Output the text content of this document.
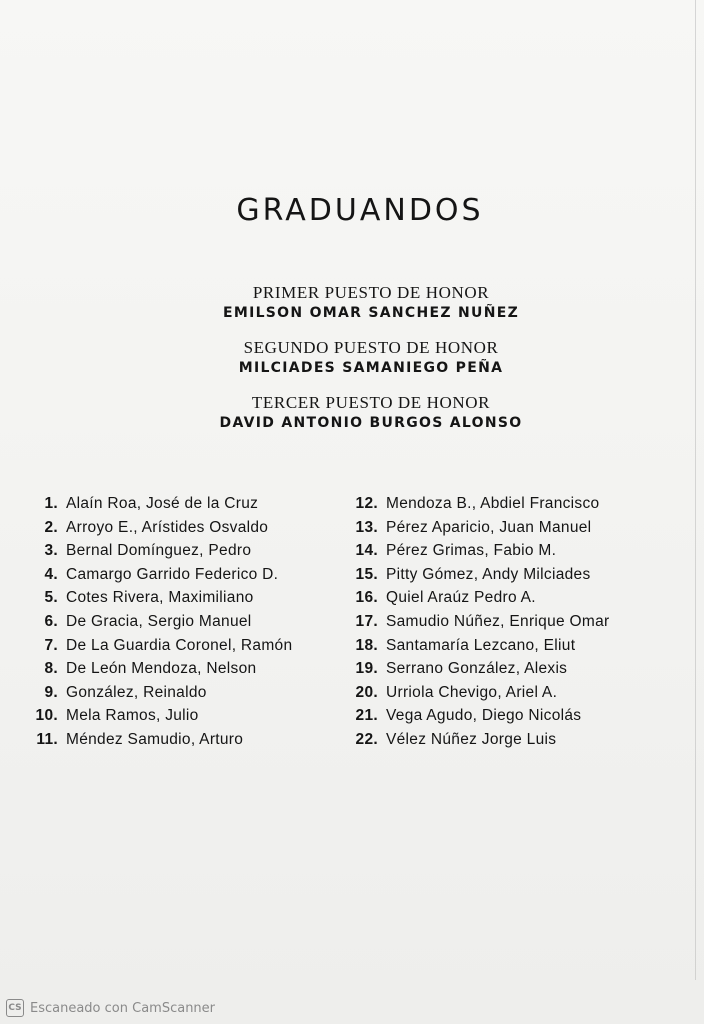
GRADUANDOS
PRIMER PUESTO DE HONOR
EMILSON OMAR SANCHEZ NUÑEZ
SEGUNDO PUESTO DE HONOR
MILCIADES SAMANIEGO PEÑA
TERCER PUESTO DE HONOR
DAVID ANTONIO BURGOS ALONSO
1. Alaín Roa, José de la Cruz
2. Arroyo E., Arístides Osvaldo
3. Bernal Domínguez, Pedro
4. Camargo Garrido Federico D.
5. Cotes Rivera, Maximiliano
6. De Gracia, Sergio Manuel
7. De La Guardia Coronel, Ramón
8. De León Mendoza, Nelson
9. González, Reinaldo
10. Mela Ramos, Julio
11. Méndez Samudio, Arturo
12. Mendoza B., Abdiel Francisco
13. Pérez Aparicio, Juan Manuel
14. Pérez Grimas, Fabio M.
15. Pitty Gómez, Andy Milciades
16. Quiel Araúz Pedro A.
17. Samudio Núñez, Enrique Omar
18. Santamaría Lezcano, Eliut
19. Serrano González, Alexis
20. Urriola Chevigo, Ariel A.
21. Vega Agudo, Diego Nicolás
22. Vélez Núñez Jorge Luis
CS Escaneado con CamScanner
